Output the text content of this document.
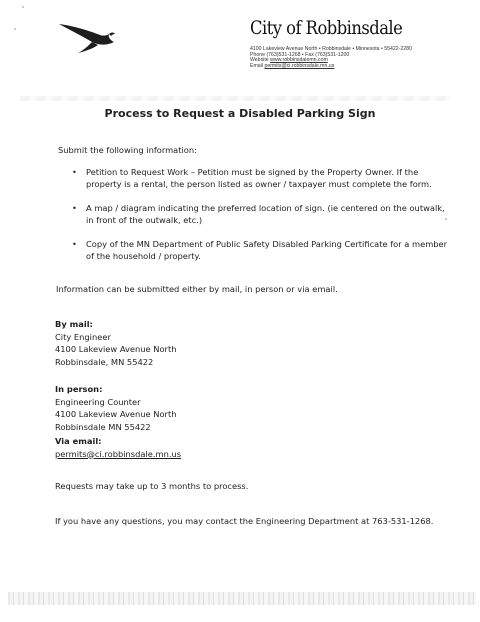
City of Robbinsdale
4100 Lakeview Avenue North • Robbinsdale • Minnesota • 55422-2280
Phone (763)531-1268 • Fax (763)531-1200
Website www.robbinsdalemn.com
Email permits@ci.robbinsdale.mn.us
Process to Request a Disabled Parking Sign
Submit the following information:
• Petition to Request Work – Petition must be signed by the Property Owner. If the
property is a rental, the person listed as owner / taxpayer must complete the form.
• A map / diagram indicating the preferred location of sign. (ie centered on the outwalk,
in front of the outwalk, etc.)
• Copy of the MN Department of Public Safety Disabled Parking Certificate for a member
of the household / property.
Information can be submitted either by mail, in person or via email.
By mail:
City Engineer
4100 Lakeview Avenue North
Robbinsdale, MN 55422
In person:
Engineering Counter
4100 Lakeview Avenue North
Robbinsdale MN 55422
Via email:
permits@ci.robbinsdale.mn.us
Requests may take up to 3 months to process.
If you have any questions, you may contact the Engineering Department at 763-531-1268.
